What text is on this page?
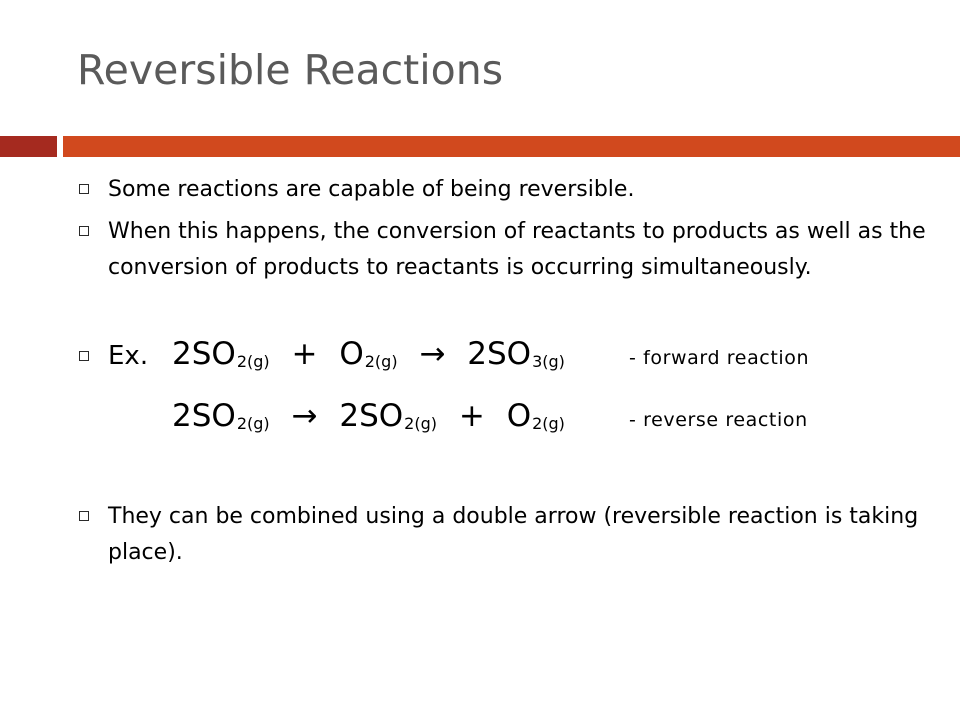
Reversible Reactions

Some reactions are capable of being reversible.

When this happens, the conversion of reactants to products as well as the conversion of products to reactants is occurring simultaneously.

Ex. $2SO_{2(g)} + O_{2(g)} \to 2SO_{3(g)}$	- forward reaction
$2SO_{2(g)} \to 2SO_{2(g)} + O_{2(g)}$	- reverse reaction

They can be combined using a double arrow (reversible reaction is taking place).
